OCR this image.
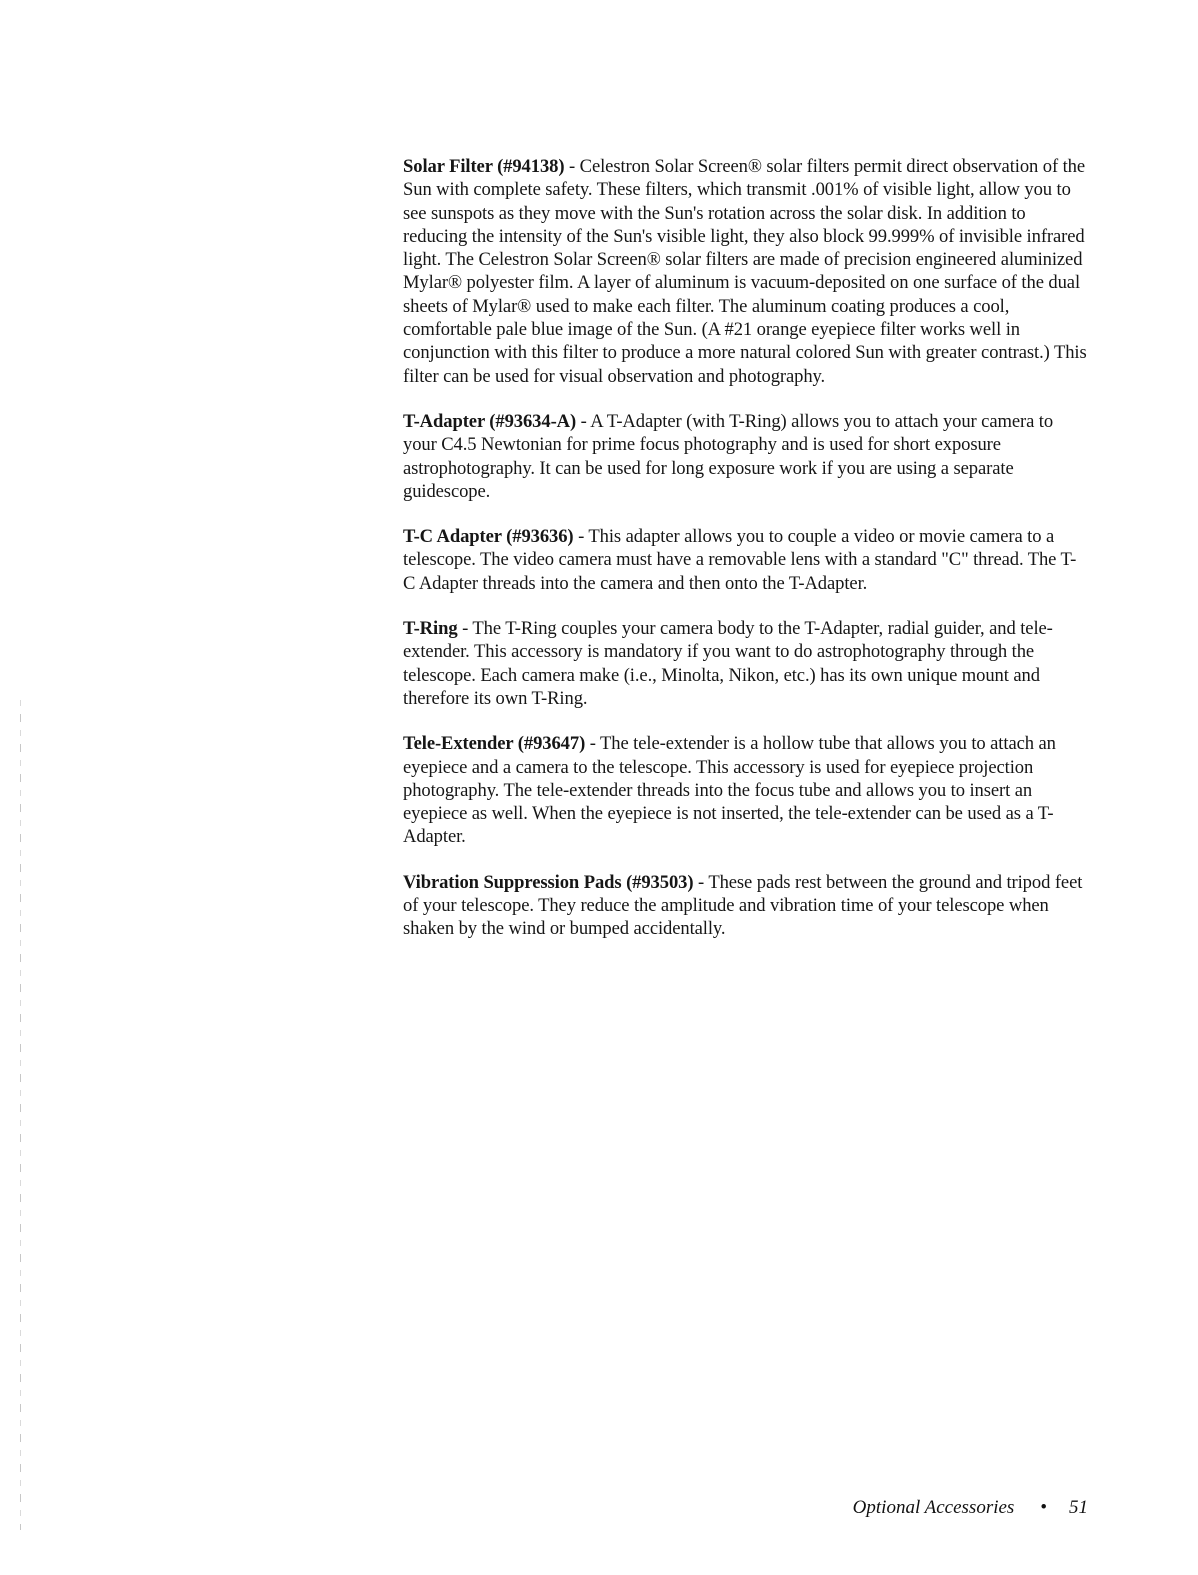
Solar Filter (#94138) - Celestron Solar Screen® solar filters permit direct observation of the Sun with complete safety. These filters, which transmit .001% of visible light, allow you to see sunspots as they move with the Sun's rotation across the solar disk. In addition to reducing the intensity of the Sun's visible light, they also block 99.999% of invisible infrared light. The Celestron Solar Screen® solar filters are made of precision engineered aluminized Mylar® polyester film. A layer of aluminum is vacuum-deposited on one surface of the dual sheets of Mylar® used to make each filter. The aluminum coating produces a cool, comfortable pale blue image of the Sun. (A #21 orange eyepiece filter works well in conjunction with this filter to produce a more natural colored Sun with greater contrast.) This filter can be used for visual observation and photography.

T-Adapter (#93634-A) - A T-Adapter (with T-Ring) allows you to attach your camera to your C4.5 Newtonian for prime focus photography and is used for short exposure astrophotography. It can be used for long exposure work if you are using a separate guidescope.

T-C Adapter (#93636) - This adapter allows you to couple a video or movie camera to a telescope. The video camera must have a removable lens with a standard "C" thread. The T-C Adapter threads into the camera and then onto the T-Adapter.

T-Ring - The T-Ring couples your camera body to the T-Adapter, radial guider, and tele-extender. This accessory is mandatory if you want to do astrophotography through the telescope. Each camera make (i.e., Minolta, Nikon, etc.) has its own unique mount and therefore its own T-Ring.

Tele-Extender (#93647) - The tele-extender is a hollow tube that allows you to attach an eyepiece and a camera to the telescope. This accessory is used for eyepiece projection photography. The tele-extender threads into the focus tube and allows you to insert an eyepiece as well. When the eyepiece is not inserted, the tele-extender can be used as a T-Adapter.

Vibration Suppression Pads (#93503) - These pads rest between the ground and tripod feet of your telescope. They reduce the amplitude and vibration time of your telescope when shaken by the wind or bumped accidentally.

Optional Accessories • 51
